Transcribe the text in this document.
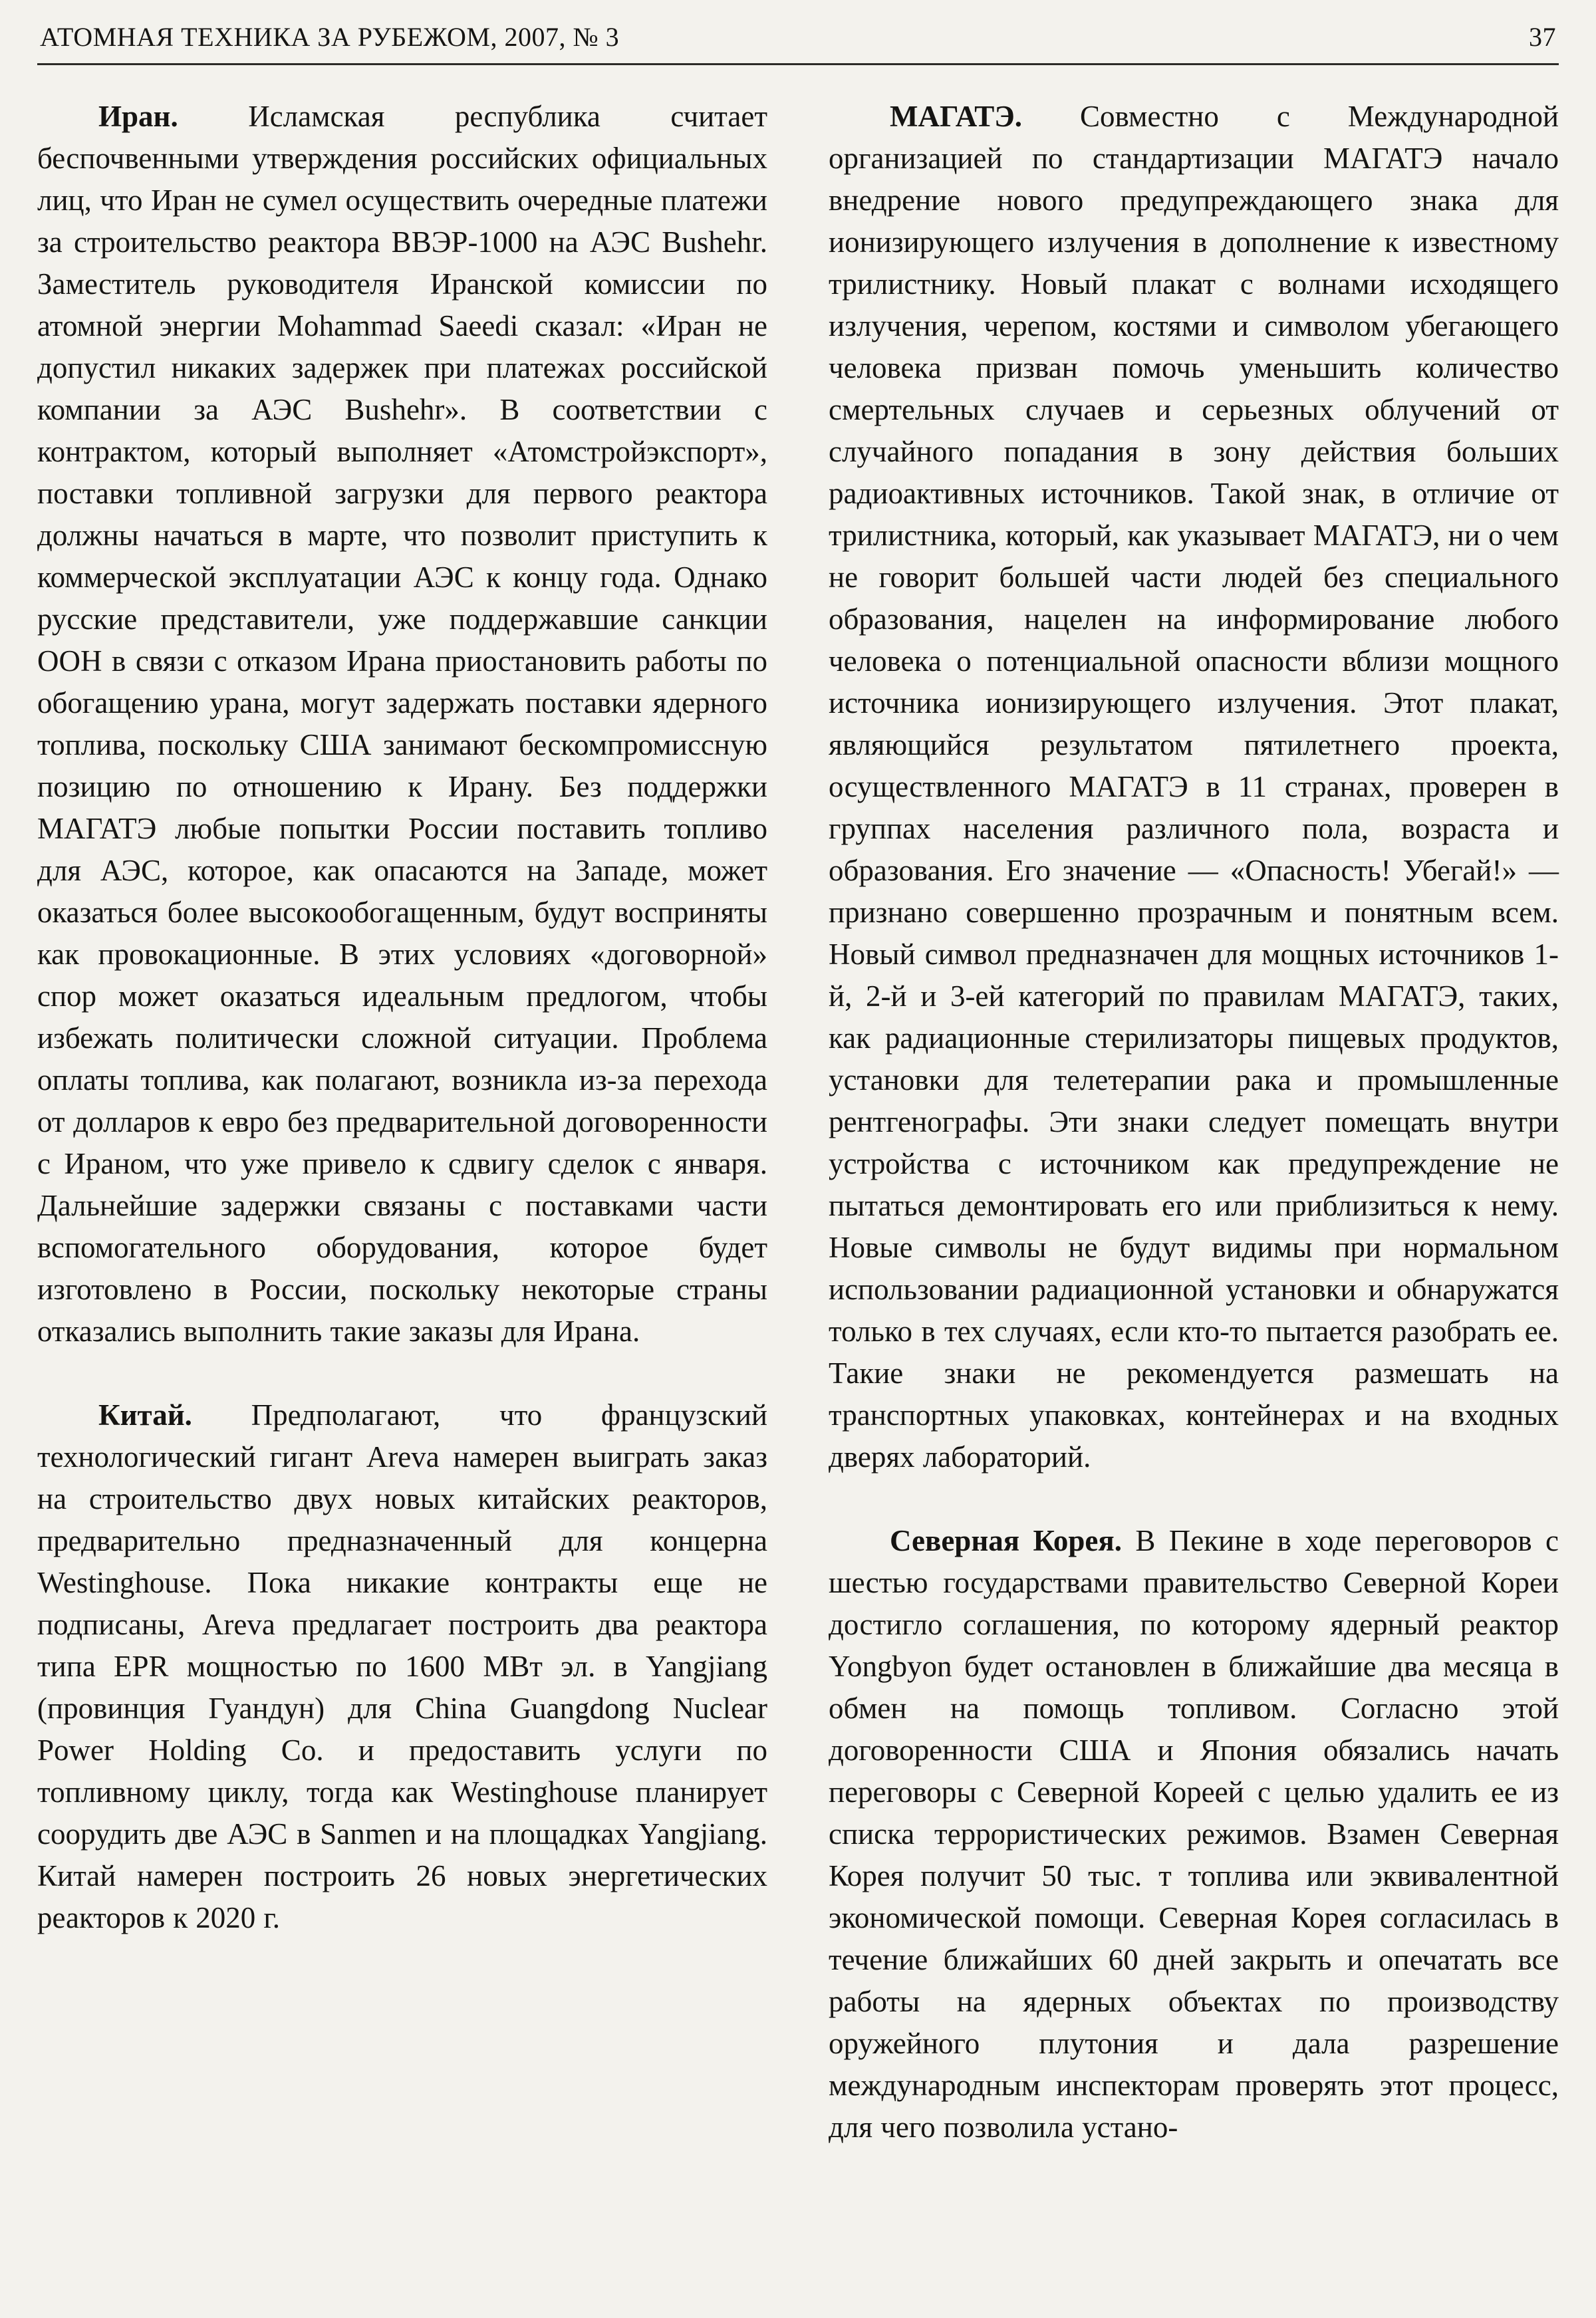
АТОМНАЯ ТЕХНИКА ЗА РУБЕЖОМ, 2007, № 3	37

Иран. Исламская республика считает беспочвенными утверждения российских официальных лиц, что Иран не сумел осуществить очередные платежи за строительство реактора ВВЭР-1000 на АЭС Bushehr. Заместитель руководителя Иранской комиссии по атомной энергии Mohammad Saeedi сказал: «Иран не допустил никаких задержек при платежах российской компании за АЭС Bushehr». В соответствии с контрактом, который выполняет «Атомстройэкспорт», поставки топливной загрузки для первого реактора должны начаться в марте, что позволит приступить к коммерческой эксплуатации АЭС к концу года. Однако русские представители, уже поддержавшие санкции ООН в связи с отказом Ирана приостановить работы по обогащению урана, могут задержать поставки ядерного топлива, поскольку США занимают бескомпромиссную позицию по отношению к Ирану. Без поддержки МАГАТЭ любые попытки России поставить топливо для АЭС, которое, как опасаются на Западе, может оказаться более высокообогащенным, будут восприняты как провокационные. В этих условиях «договорной» спор может оказаться идеальным предлогом, чтобы избежать политически сложной ситуации. Проблема оплаты топлива, как полагают, возникла из-за перехода от долларов к евро без предварительной договоренности с Ираном, что уже привело к сдвигу сделок с января. Дальнейшие задержки связаны с поставками части вспомогательного оборудования, которое будет изготовлено в России, поскольку некоторые страны отказались выполнить такие заказы для Ирана.

Китай. Предполагают, что французский технологический гигант Areva намерен выиграть заказ на строительство двух новых китайских реакторов, предварительно предназначенный для концерна Westinghouse. Пока никакие контракты еще не подписаны, Areva предлагает построить два реактора типа EPR мощностью по 1600 МВт эл. в Yangjiang (провинция Гуандун) для China Guangdong Nuclear Power Holding Co. и предоставить услуги по топливному циклу, тогда как Westinghouse планирует соорудить две АЭС в Sanmen и на площадках Yangjiang. Китай намерен построить 26 новых энергетических реакторов к 2020 г.

МАГАТЭ. Совместно с Международной организацией по стандартизации МАГАТЭ начало внедрение нового предупреждающего знака для ионизирующего излучения в дополнение к известному трилистнику. Новый плакат с волнами исходящего излучения, черепом, костями и символом убегающего человека призван помочь уменьшить количество смертельных случаев и серьезных облучений от случайного попадания в зону действия больших радиоактивных источников. Такой знак, в отличие от трилистника, который, как указывает МАГАТЭ, ни о чем не говорит большей части людей без специального образования, нацелен на информирование любого человека о потенциальной опасности вблизи мощного источника ионизирующего излучения. Этот плакат, являющийся результатом пятилетнего проекта, осуществленного МАГАТЭ в 11 странах, проверен в группах населения различного пола, возраста и образования. Его значение — «Опасность! Убегай!» — признано совершенно прозрачным и понятным всем. Новый символ предназначен для мощных источников 1-й, 2-й и 3-ей категорий по правилам МАГАТЭ, таких, как радиационные стерилизаторы пищевых продуктов, установки для телетерапии рака и промышленные рентгенографы. Эти знаки следует помещать внутри устройства с источником как предупреждение не пытаться демонтировать его или приблизиться к нему. Новые символы не будут видимы при нормальном использовании радиационной установки и обнаружатся только в тех случаях, если кто-то пытается разобрать ее. Такие знаки не рекомендуется размешать на транспортных упаковках, контейнерах и на входных дверях лабораторий.

Северная Корея. В Пекине в ходе переговоров с шестью государствами правительство Северной Кореи достигло соглашения, по которому ядерный реактор Yongbyon будет остановлен в ближайшие два месяца в обмен на помощь топливом. Согласно этой договоренности США и Япония обязались начать переговоры с Северной Кореей с целью удалить ее из списка террористических режимов. Взамен Северная Корея получит 50 тыс. т топлива или эквивалентной экономической помощи. Северная Корея согласилась в течение ближайших 60 дней закрыть и опечатать все работы на ядерных объектах по производству оружейного плутония и дала разрешение международным инспекторам проверять этот процесс, для чего позволила устано-
